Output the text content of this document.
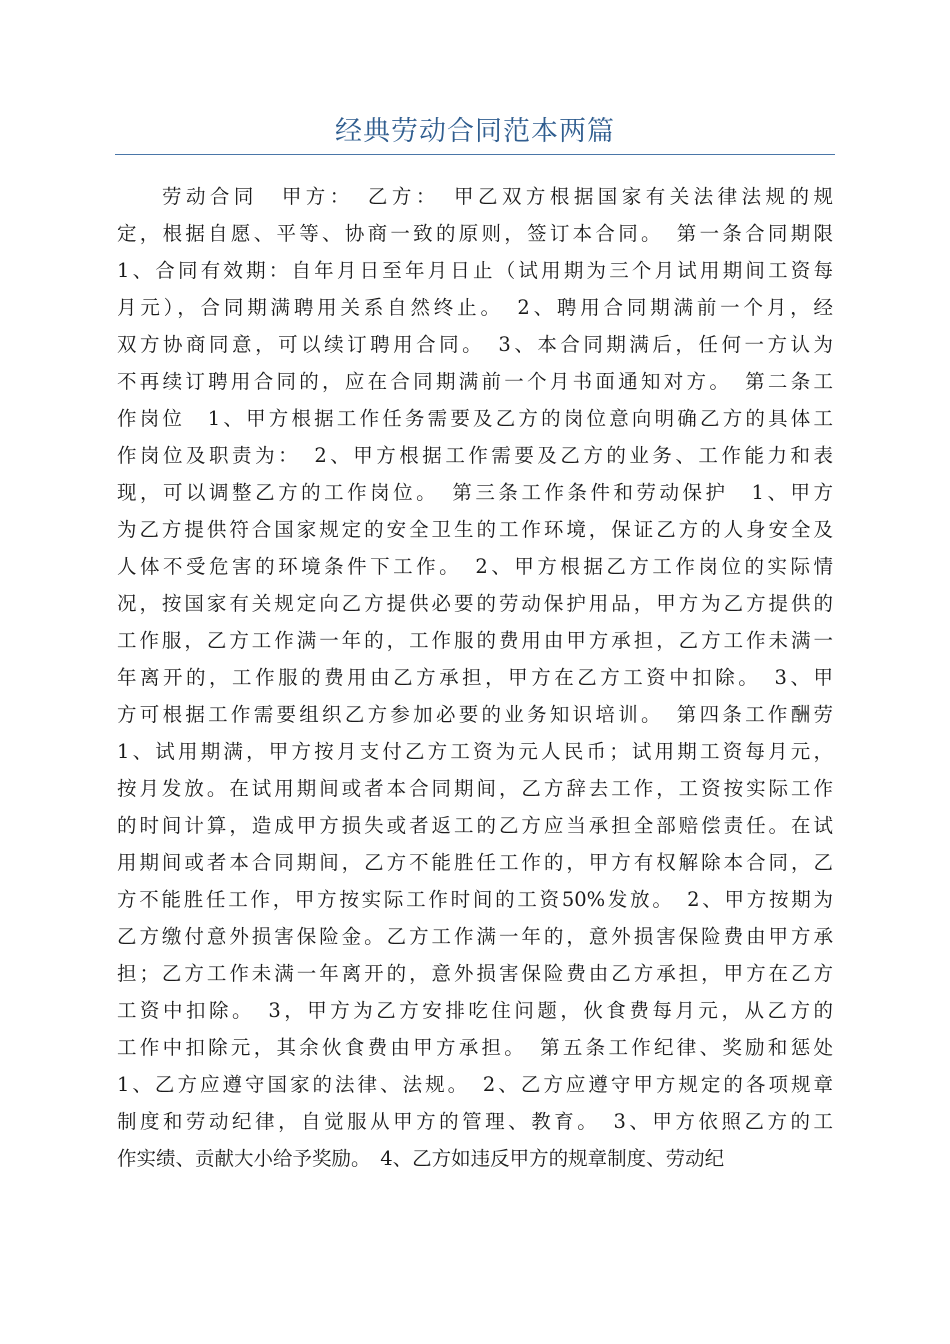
经典劳动合同范本两篇
劳动合同　甲方：　乙方：　甲乙双方根据国家有关法律法规的规
定，根据自愿、平等、协商一致的原则，签订本合同。　第一条合同期限
1、合同有效期：自年月日至年月日止（试用期为三个月试用期间工资每
月元），合同期满聘用关系自然终止。　2、聘用合同期满前一个月，经
双方协商同意，可以续订聘用合同。　3、本合同期满后，任何一方认为
不再续订聘用合同的，应在合同期满前一个月书面通知对方。　第二条工
作岗位　1、甲方根据工作任务需要及乙方的岗位意向明确乙方的具体工
作岗位及职责为：　2、甲方根据工作需要及乙方的业务、工作能力和表
现，可以调整乙方的工作岗位。　第三条工作条件和劳动保护　1、甲方
为乙方提供符合国家规定的安全卫生的工作环境，保证乙方的人身安全及
人体不受危害的环境条件下工作。　2、甲方根据乙方工作岗位的实际情
况，按国家有关规定向乙方提供必要的劳动保护用品，甲方为乙方提供的
工作服，乙方工作满一年的，工作服的费用由甲方承担，乙方工作未满一
年离开的，工作服的费用由乙方承担，甲方在乙方工资中扣除。　3、甲
方可根据工作需要组织乙方参加必要的业务知识培训。　第四条工作酬劳
1、试用期满，甲方按月支付乙方工资为元人民币；试用期工资每月元，
按月发放。在试用期间或者本合同期间，乙方辞去工作，工资按实际工作
的时间计算，造成甲方损失或者返工的乙方应当承担全部赔偿责任。在试
用期间或者本合同期间，乙方不能胜任工作的，甲方有权解除本合同，乙
方不能胜任工作，甲方按实际工作时间的工资50%发放。　2、甲方按期为
乙方缴付意外损害保险金。乙方工作满一年的，意外损害保险费由甲方承
担；乙方工作未满一年离开的，意外损害保险费由乙方承担，甲方在乙方
工资中扣除。　3，甲方为乙方安排吃住问题，伙食费每月元，从乙方的
工作中扣除元，其余伙食费由甲方承担。　第五条工作纪律、奖励和惩处
1、乙方应遵守国家的法律、法规。　2、乙方应遵守甲方规定的各项规章
制度和劳动纪律，自觉服从甲方的管理、教育。　3、甲方依照乙方的工
作实绩、贡献大小给予奖励。　4、乙方如违反甲方的规章制度、劳动纪
